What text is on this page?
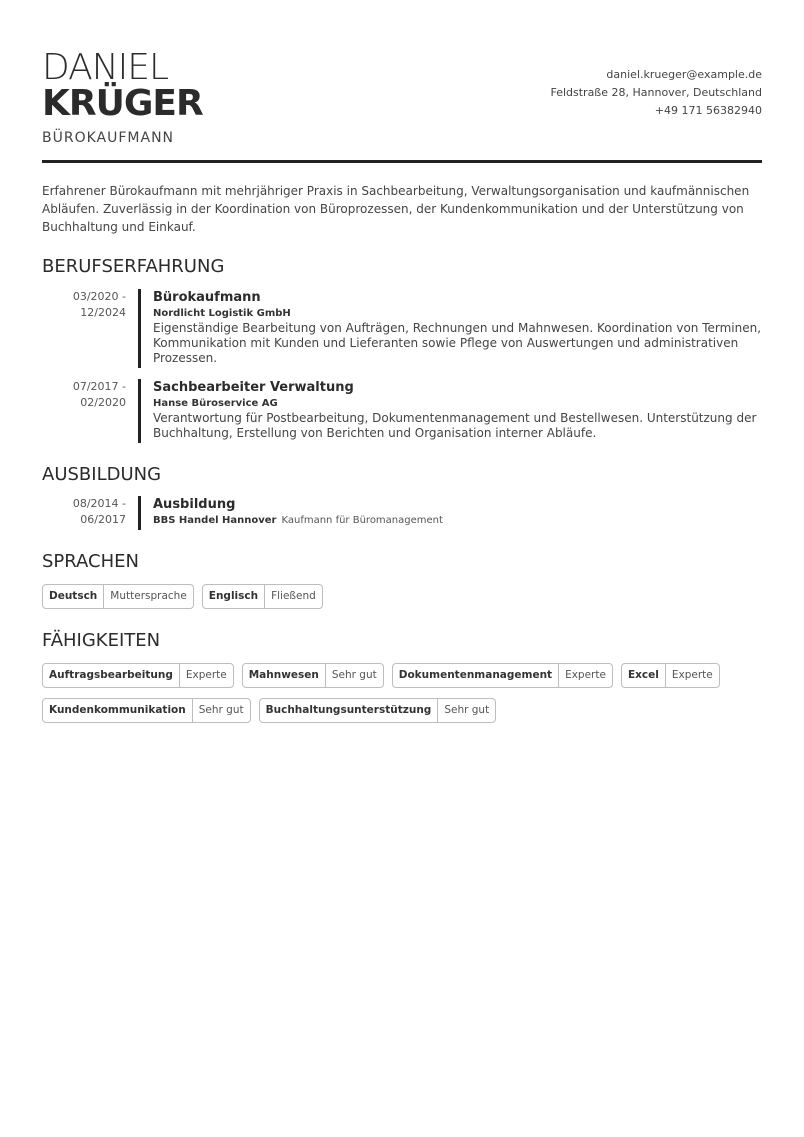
DANIEL
KRÜGER
BÜROKAUFMANN
daniel.krueger@example.de
Feldstraße 28, Hannover, Deutschland
+49 171 56382940
Erfahrener Bürokaufmann mit mehrjähriger Praxis in Sachbearbeitung, Verwaltungsorganisation und kaufmännischen Abläufen. Zuverlässig in der Koordination von Büroprozessen, der Kundenkommunikation und der Unterstützung von Buchhaltung und Einkauf.
BERUFSERFAHRUNG
03/2020 -
12/2024
Bürokaufmann
Nordlicht Logistik GmbH
Eigenständige Bearbeitung von Aufträgen, Rechnungen und Mahnwesen. Koordination von Terminen, Kommunikation mit Kunden und Lieferanten sowie Pflege von Auswertungen und administrativen Prozessen.
07/2017 -
02/2020
Sachbearbeiter Verwaltung
Hanse Büroservice AG
Verantwortung für Postbearbeitung, Dokumentenmanagement und Bestellwesen. Unterstützung der Buchhaltung, Erstellung von Berichten und Organisation interner Abläufe.
AUSBILDUNG
08/2014 -
06/2017
Ausbildung
BBS Handel Hannover Kaufmann für Büromanagement
SPRACHEN
Deutsch	Muttersprache	Englisch	Fließend
FÄHIGKEITEN
Auftragsbearbeitung	Experte	Mahnwesen	Sehr gut	Dokumentenmanagement	Experte	Excel	Experte
Kundenkommunikation	Sehr gut	Buchhaltungsunterstützung	Sehr gut
